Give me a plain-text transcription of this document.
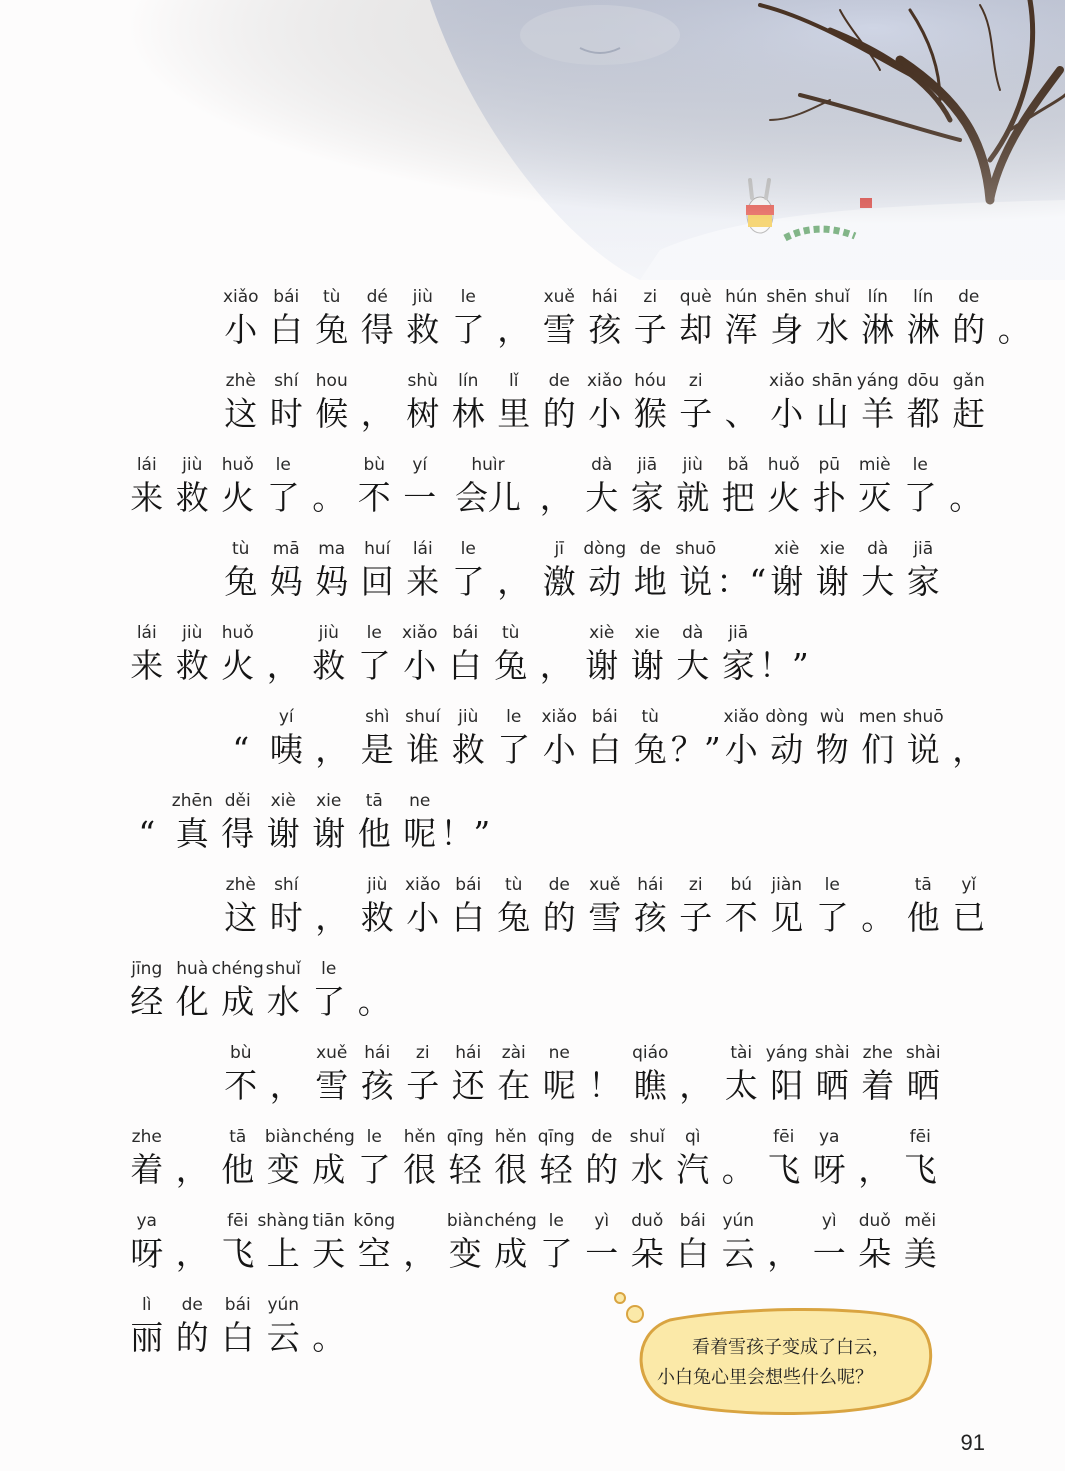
xiǎo
小
bái
白
tù
兔
dé
得
jiù
救
le
了 ，
xuě
雪
hái
孩
zi
子
què
却
hún
浑
shēn
身
shuǐ
水
lín
淋
lín
淋
de
的 。
zhè
这
shí
时
hou
候 ，
shù
树
lín
林
lǐ
里
de
的
xiǎo
小
hóu
猴
zi
子 、
xiǎo
小
shān
山
yáng
羊
dōu
都
gǎn
赶
lái
来
jiù
救
huǒ
火
le
了 。
bù
不
yí
一
huìr
会儿 ，
dà
大
jiā
家
jiù
就
bǎ
把
huǒ
火
pū
扑
miè
灭
le
了 。
tù
兔
mā
妈
ma
妈
huí
回
lái
来
le
了 ，
jī
激
dòng
动
de
地
shuō
说 ：“
xiè
谢
xie
谢
dà
大
jiā
家
lái
来
jiù
救
huǒ
火 ，
jiù
救
le
了
xiǎo
小
bái
白
tù
兔 ，
xiè
谢
xie
谢
dà
大
jiā
家 ！”
“
yí
咦 ，
shì
是
shuí
谁
jiù
救
le
了
xiǎo
小
bái
白
tù
兔 ？”
xiǎo
小
dòng
动
wù
物
men
们
shuō
说 ，
“
zhēn
真
děi
得
xiè
谢
xie
谢
tā
他
ne
呢 ！”
zhè
这
shí
时 ，
jiù
救
xiǎo
小
bái
白
tù
兔
de
的
xuě
雪
hái
孩
zi
子
bú
不
jiàn
见
le
了 。
tā
他
yǐ
已
jīng
经
huà
化
chéng
成
shuǐ
水
le
了 。
bù
不 ，
xuě
雪
hái
孩
zi
子
hái
还
zài
在
ne
呢 ！
qiáo
瞧 ，
tài
太
yáng
阳
shài
晒
zhe
着
shài
晒
zhe
着 ，
tā
他
biàn
变
chéng
成
le
了
hěn
很
qīng
轻
hěn
很
qīng
轻
de
的
shuǐ
水
qì
汽 。
fēi
飞
ya
呀 ，
fēi
飞
ya
呀 ，
fēi
飞
shàng
上
tiān
天
kōng
空 ，
biàn
变
chéng
成
le
了
yì
一
duǒ
朵
bái
白
yún
云 ，
yì
一
duǒ
朵
měi
美
lì
丽
de
的
bái
白
yún
云 。	看着雪孩子变成了白云，
小白兔心里会想些什么呢？
91
